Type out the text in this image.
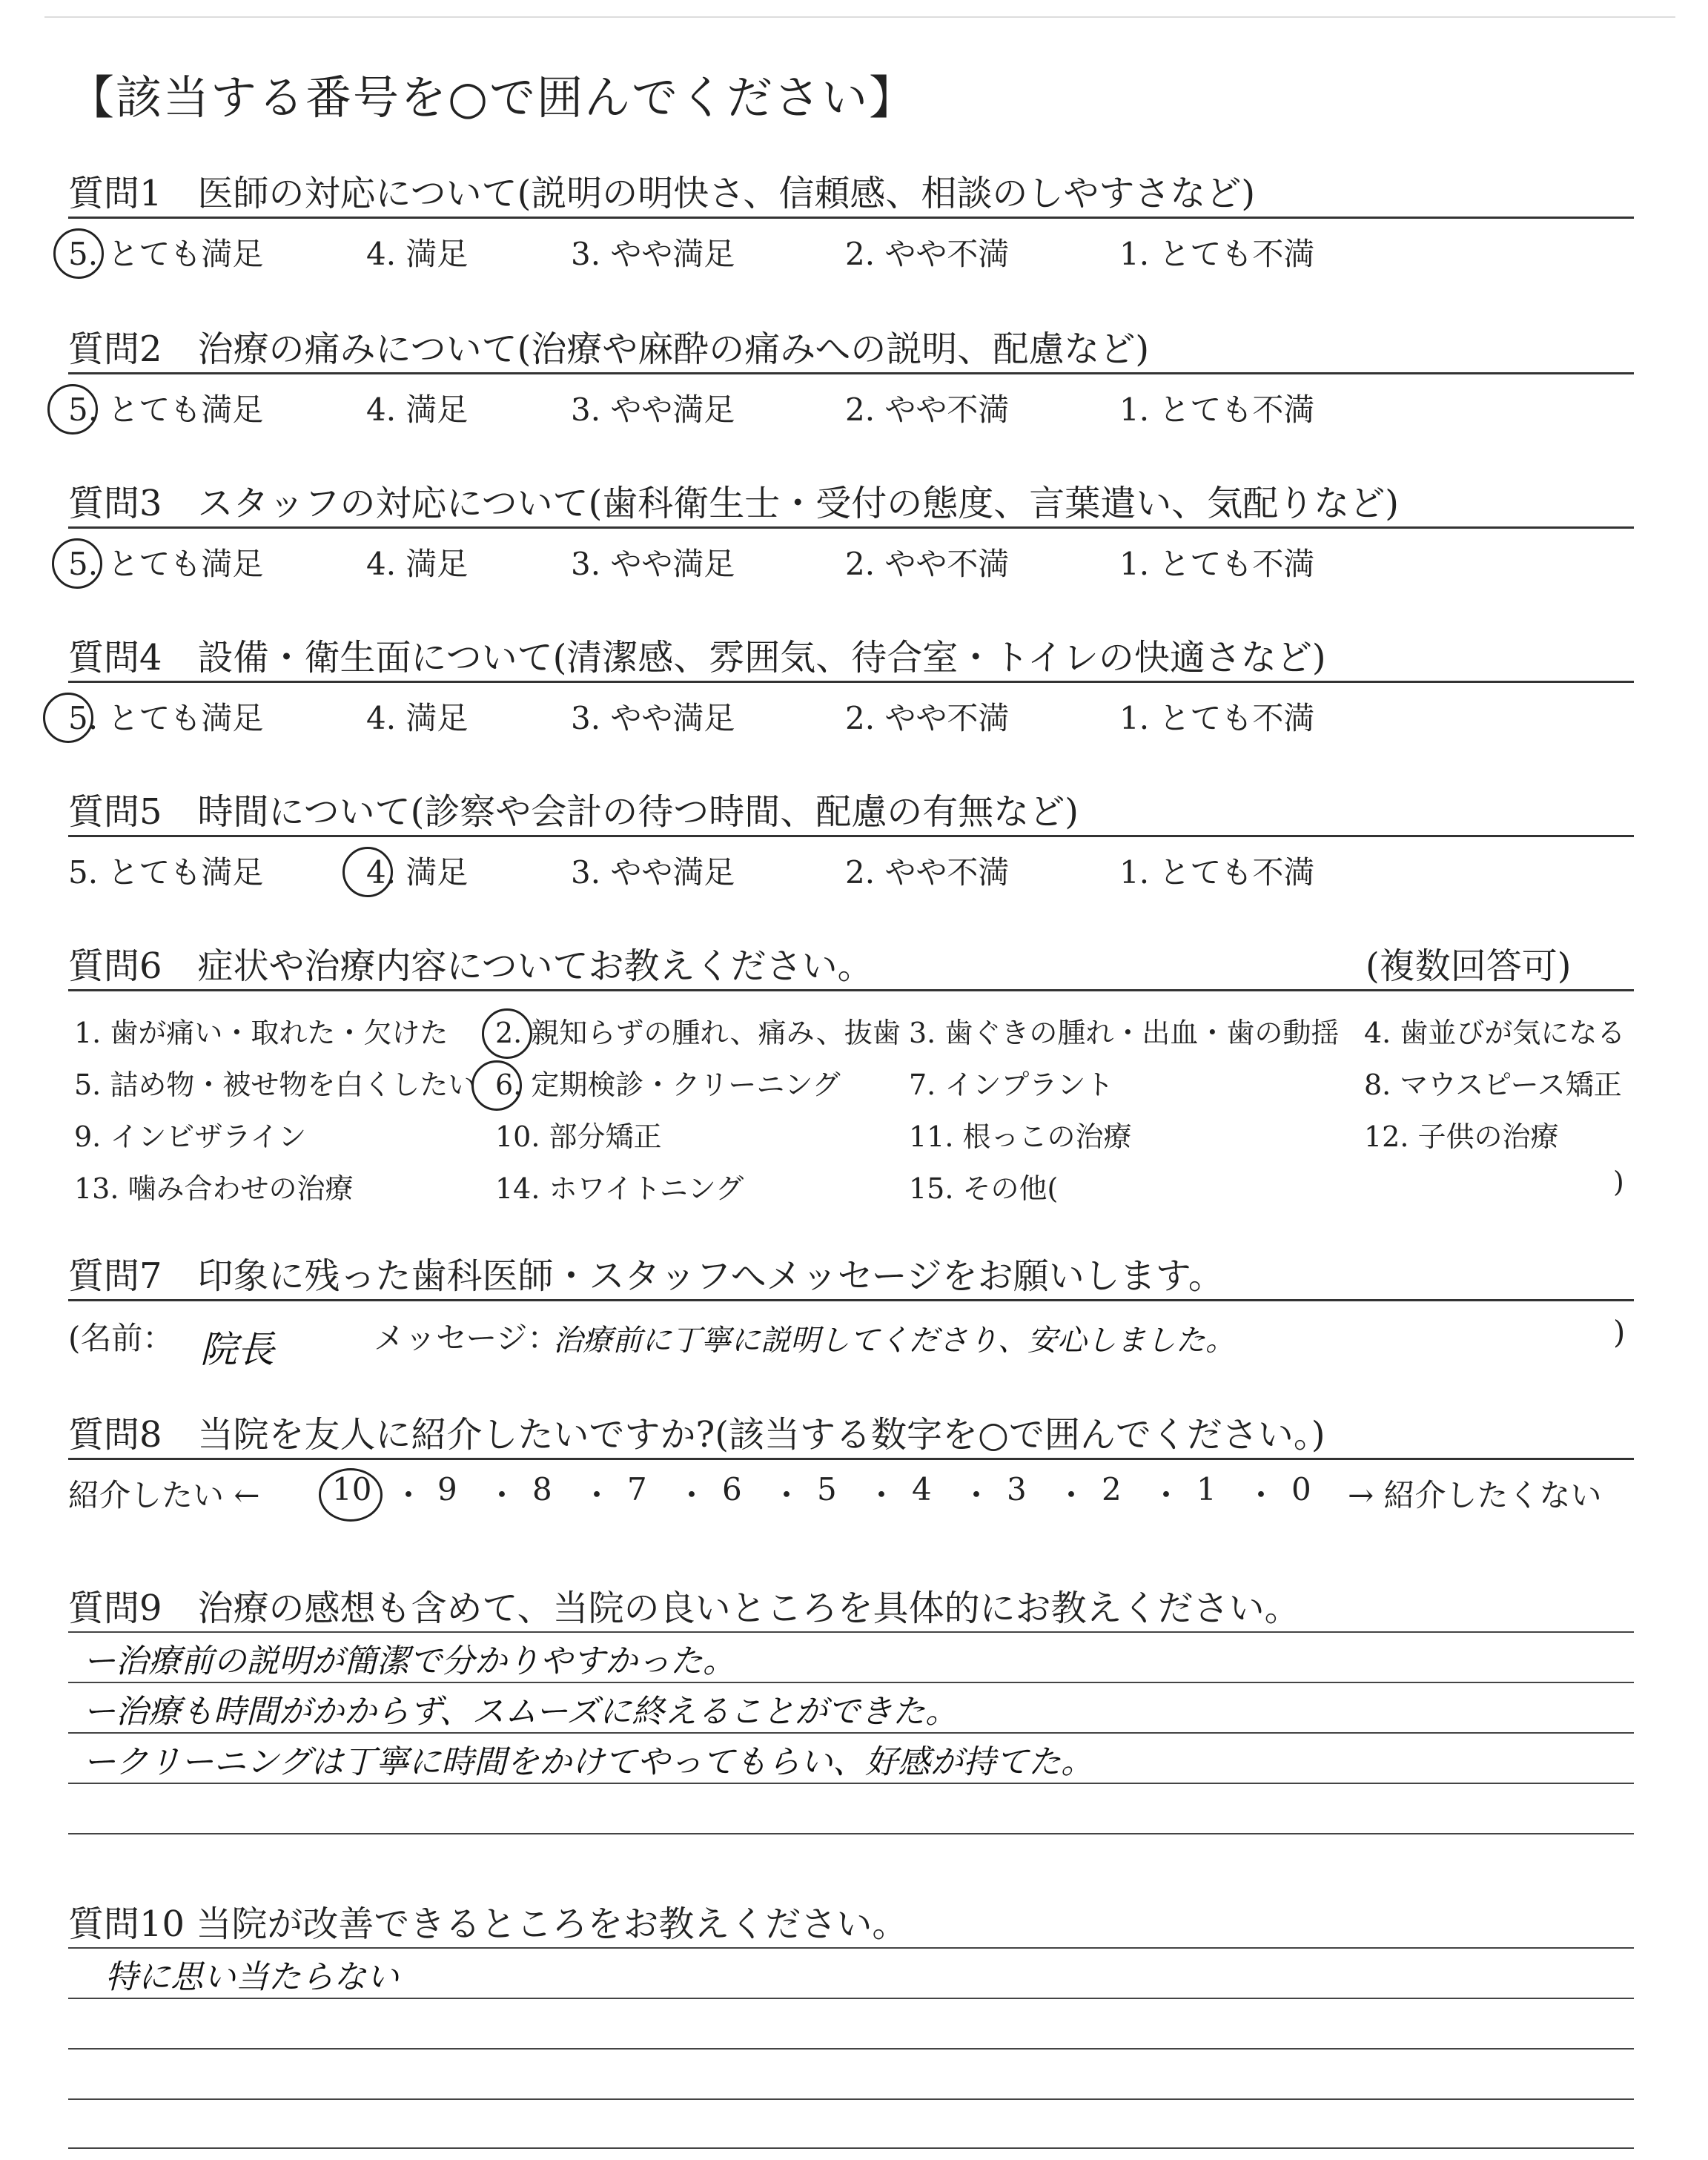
【該当する番号を○で囲んでください】
質問1　医師の対応について(説明の明快さ、信頼感、相談のしやすさなど)
5. とても満足	4. 満足	3. やや満足	2. やや不満	1. とても不満
質問2　治療の痛みについて(治療や麻酔の痛みへの説明、配慮など)
5. とても満足	4. 満足	3. やや満足	2. やや不満	1. とても不満
質問3　スタッフの対応について(歯科衛生士・受付の態度、言葉遣い、気配りなど)
5. とても満足	4. 満足	3. やや満足	2. やや不満	1. とても不満
質問4　設備・衛生面について(清潔感、雰囲気、待合室・トイレの快適さなど)
5. とても満足	4. 満足	3. やや満足	2. やや不満	1. とても不満
質問5　時間について(診察や会計の待つ時間、配慮の有無など)
5. とても満足	4. 満足	3. やや満足	2. やや不満	1. とても不満
質問6　症状や治療内容についてお教えください。	(複数回答可)
1. 歯が痛い・取れた・欠けた 2. 親知らずの腫れ、痛み、抜歯 3. 歯ぐきの腫れ・出血・歯の動揺 4. 歯並びが気になる
5. 詰め物・被せ物を白くしたい 6. 定期検診・クリーニング 7. インプラント	8. マウスピース矯正
9. インビザライン	10. 部分矯正	11. 根っこの治療	12. 子供の治療
13. 噛み合わせの治療	14. ホワイトニング	15. その他(	)
質問7　印象に残った歯科医師・スタッフへメッセージをお願いします。
(名前： 院長	メッセージ：
治療前に丁寧に説明してくださり、安心しました。	)
質問8　当院を友人に紹介したいですか?(該当する数字を○で囲んでください。)
紹介したい ← 10 ・ 9 ・ 8 ・ 7 ・ 6 ・ 5 ・ 4 ・ 3 ・ 2 ・ 1 ・ 0 → 紹介したくない
質問9　治療の感想も含めて、当院の良いところを具体的にお教えください。
ー治療前の説明が簡潔で分かりやすかった。
ー治療も時間がかからず、スムーズに終えることができた。
ークリーニングは丁寧に時間をかけてやってもらい、好感が持てた。
質問10 当院が改善できるところをお教えください。
特に思い当たらない
